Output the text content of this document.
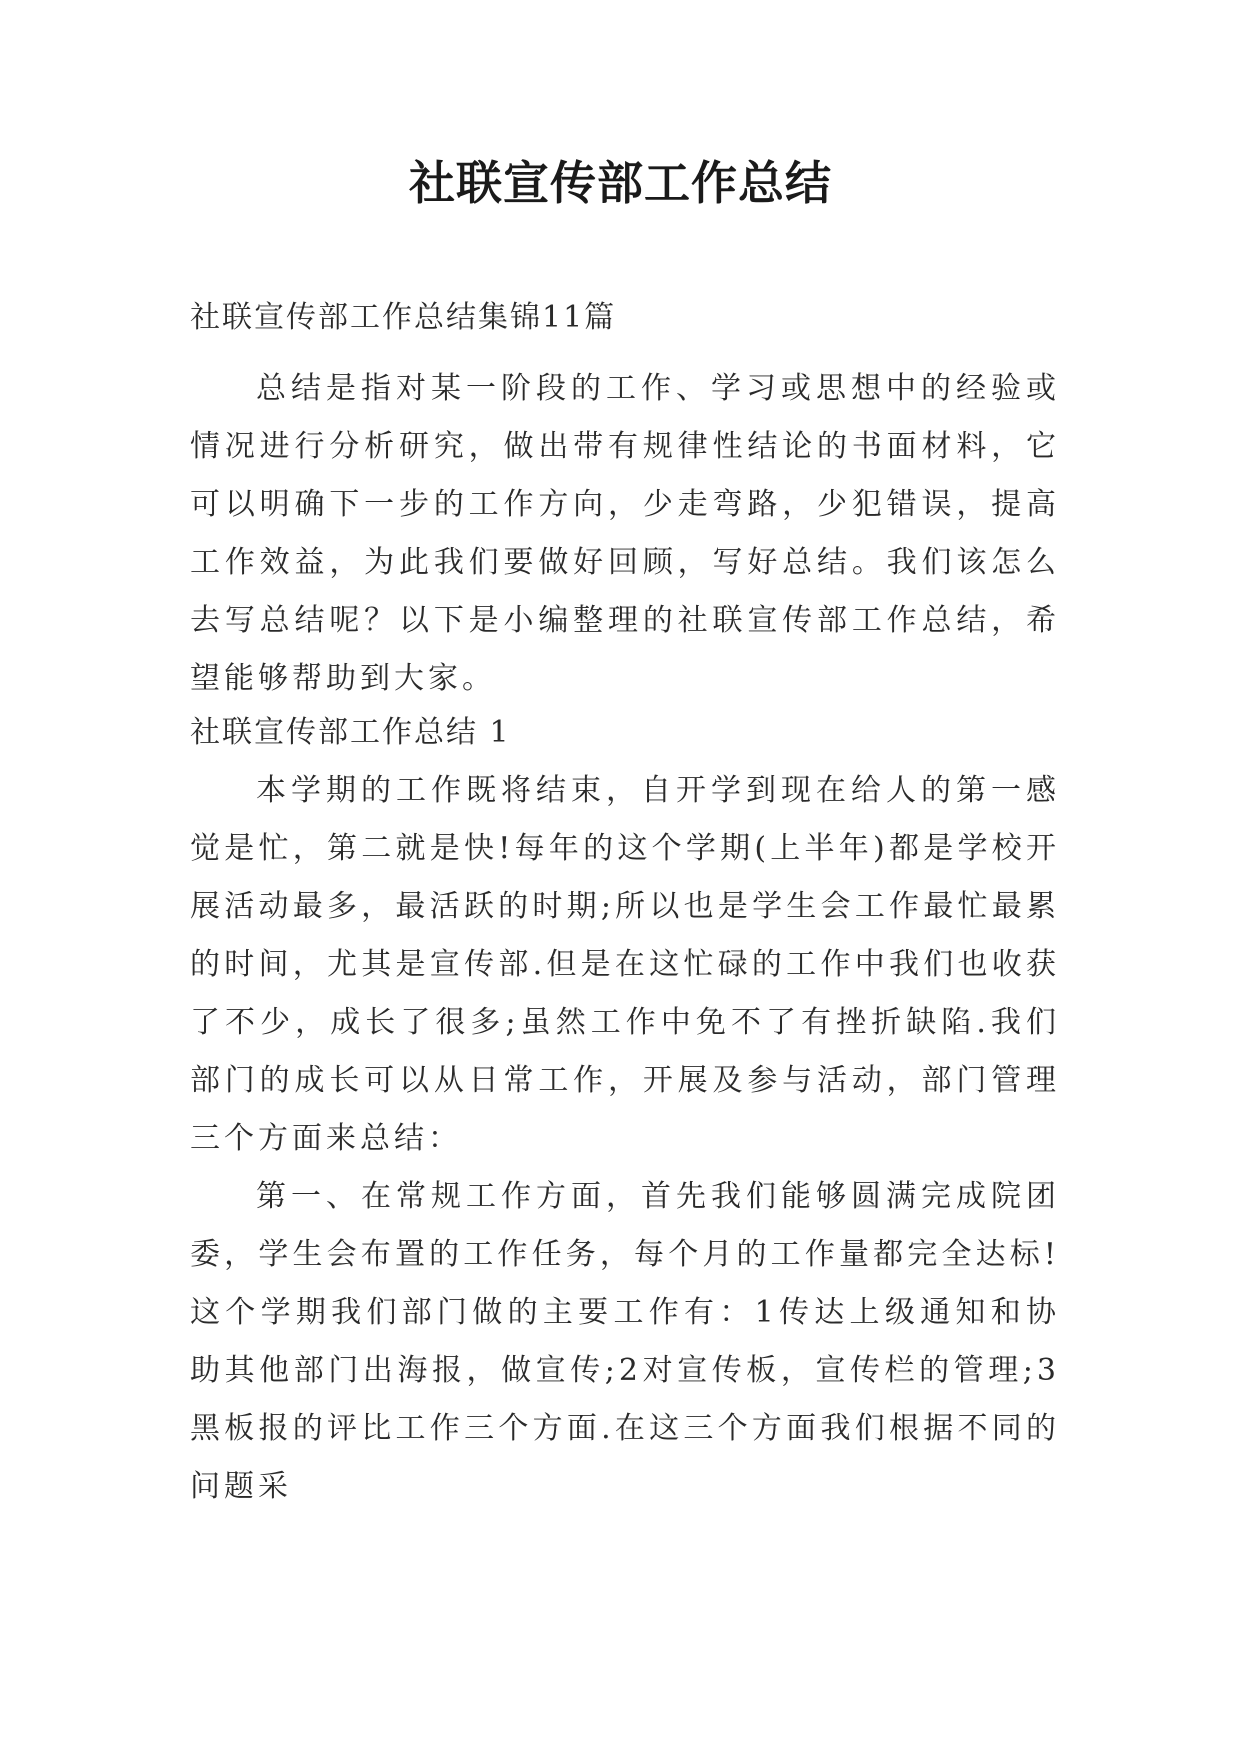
社联宣传部工作总结

社联宣传部工作总结集锦11篇

总结是指对某一阶段的工作、学习或思想中的经验或情况进行分析研究，做出带有规律性结论的书面材料，它可以明确下一步的工作方向，少走弯路，少犯错误，提高工作效益，为此我们要做好回顾，写好总结。我们该怎么去写总结呢？以下是小编整理的社联宣传部工作总结，希望能够帮助到大家。

社联宣传部工作总结 1

本学期的工作既将结束，自开学到现在给人的第一感觉是忙，第二就是快!每年的这个学期(上半年)都是学校开展活动最多，最活跃的时期;所以也是学生会工作最忙最累的时间，尤其是宣传部.但是在这忙碌的工作中我们也收获了不少，成长了很多;虽然工作中免不了有挫折缺陷.我们部门的成长可以从日常工作，开展及参与活动，部门管理三个方面来总结：

第一、在常规工作方面，首先我们能够圆满完成院团委，学生会布置的工作任务，每个月的工作量都完全达标!这个学期我们部门做的主要工作有：1传达上级通知和协助其他部门出海报，做宣传;2对宣传板，宣传栏的管理;3黑板报的评比工作三个方面.在这三个方面我们根据不同的问题采
